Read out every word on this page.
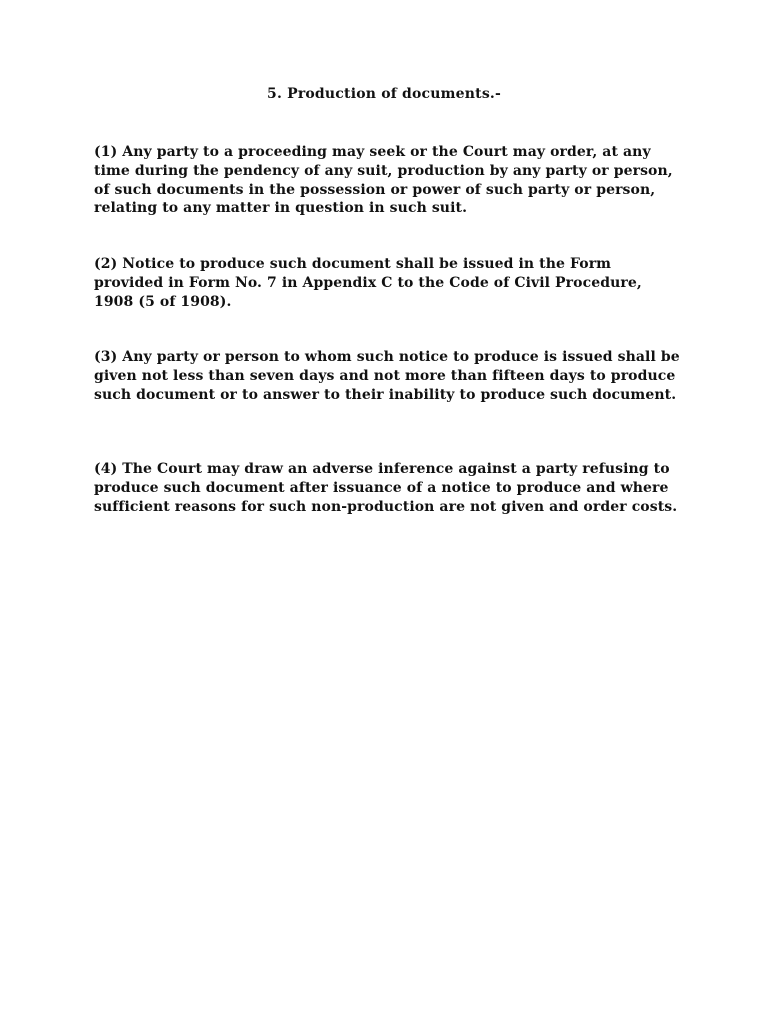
5. Production of documents.-

(1) Any party to a proceeding may seek or the Court may order, at any time during the pendency of any suit, production by any party or person, of such documents in the possession or power of such party or person, relating to any matter in question in such suit.

(2) Notice to produce such document shall be issued in the Form provided in Form No. 7 in Appendix C to the Code of Civil Procedure, 1908 (5 of 1908).

(3) Any party or person to whom such notice to produce is issued shall be given not less than seven days and not more than fifteen days to produce such document or to answer to their inability to produce such document.

(4) The Court may draw an adverse inference against a party refusing to produce such document after issuance of a notice to produce and where sufficient reasons for such non-production are not given and order costs.
